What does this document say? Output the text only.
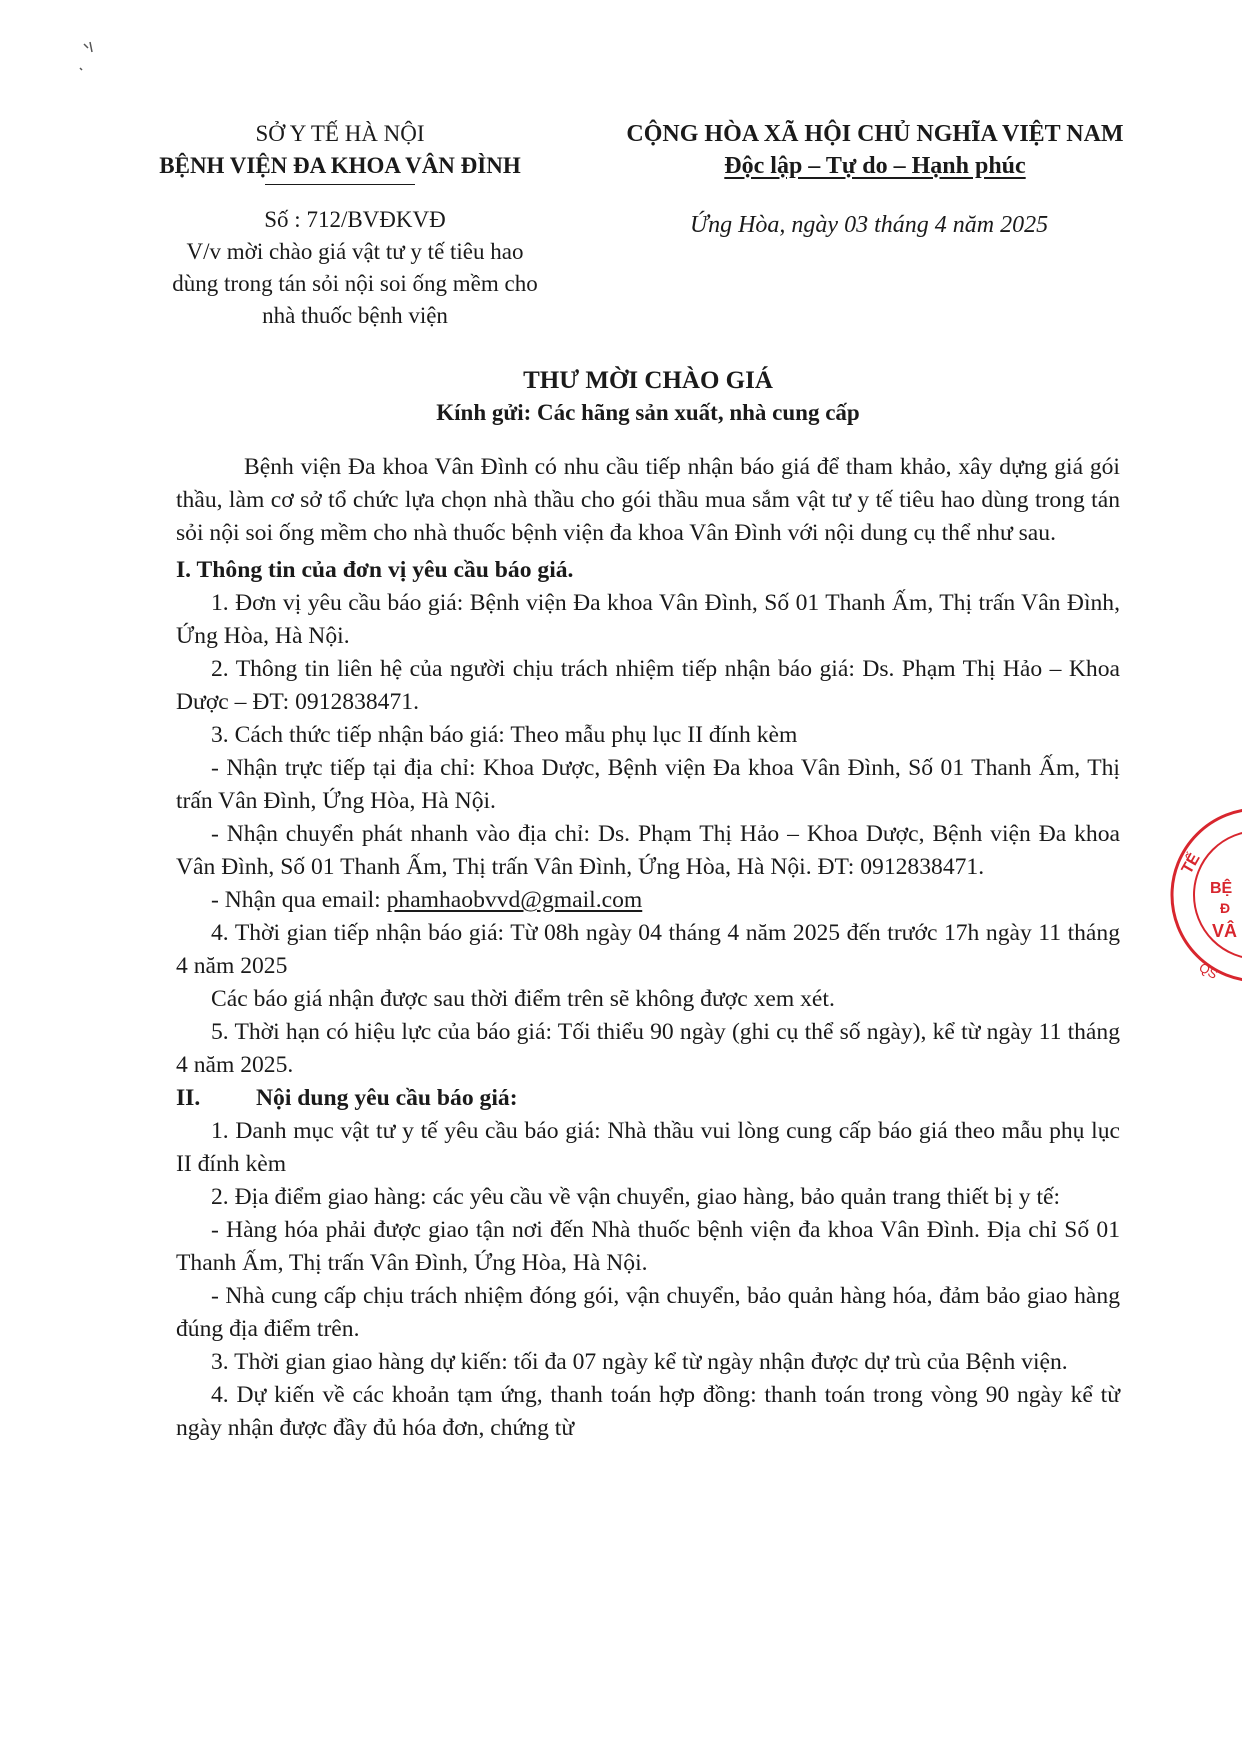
SỞ Y TẾ HÀ NỘI
BỆNH VIỆN ĐA KHOA VÂN ĐÌNH
CỘNG HÒA XÃ HỘI CHỦ NGHĨA VIỆT NAM
Độc lập – Tự do – Hạnh phúc
Số : 712/BVĐKVĐ
V/v mời chào giá vật tư y tế tiêu hao
dùng trong tán sỏi nội soi ống mềm cho
nhà thuốc bệnh viện
Ứng Hòa, ngày 03 tháng 4 năm 2025
THƯ MỜI CHÀO GIÁ
Kính gửi: Các hãng sản xuất, nhà cung cấp

Bệnh viện Đa khoa Vân Đình có nhu cầu tiếp nhận báo giá để tham khảo, xây dựng giá gói thầu, làm cơ sở tổ chức lựa chọn nhà thầu cho gói thầu mua sắm vật tư y tế tiêu hao dùng trong tán sỏi nội soi ống mềm cho nhà thuốc bệnh viện đa khoa Vân Đình với nội dung cụ thể như sau.

I. Thông tin của đơn vị yêu cầu báo giá.

1. Đơn vị yêu cầu báo giá: Bệnh viện Đa khoa Vân Đình, Số 01 Thanh Ấm, Thị trấn Vân Đình, Ứng Hòa, Hà Nội.

2. Thông tin liên hệ của người chịu trách nhiệm tiếp nhận báo giá: Ds. Phạm Thị Hảo – Khoa Dược – ĐT: 0912838471.

3. Cách thức tiếp nhận báo giá: Theo mẫu phụ lục II đính kèm

- Nhận trực tiếp tại địa chỉ: Khoa Dược, Bệnh viện Đa khoa Vân Đình, Số 01 Thanh Ấm, Thị trấn Vân Đình, Ứng Hòa, Hà Nội.

- Nhận chuyển phát nhanh vào địa chỉ: Ds. Phạm Thị Hảo – Khoa Dược, Bệnh viện Đa khoa Vân Đình, Số 01 Thanh Ấm, Thị trấn Vân Đình, Ứng Hòa, Hà Nội. ĐT: 0912838471.

- Nhận qua email: phamhaobvvd@gmail.com

4. Thời gian tiếp nhận báo giá: Từ 08h ngày 04 tháng 4 năm 2025 đến trước 17h ngày 11 tháng 4 năm 2025

Các báo giá nhận được sau thời điểm trên sẽ không được xem xét.

5. Thời hạn có hiệu lực của báo giá: Tối thiểu 90 ngày (ghi cụ thể số ngày), kể từ ngày 11 tháng 4 năm 2025.

II. Nội dung yêu cầu báo giá:

1. Danh mục vật tư y tế yêu cầu báo giá: Nhà thầu vui lòng cung cấp báo giá theo mẫu phụ lục II đính kèm

2. Địa điểm giao hàng: các yêu cầu về vận chuyển, giao hàng, bảo quản trang thiết bị y tế:

- Hàng hóa phải được giao tận nơi đến Nhà thuốc bệnh viện đa khoa Vân Đình. Địa chỉ Số 01 Thanh Ấm, Thị trấn Vân Đình, Ứng Hòa, Hà Nội.

- Nhà cung cấp chịu trách nhiệm đóng gói, vận chuyển, bảo quản hàng hóa, đảm bảo giao hàng đúng địa điểm trên.

3. Thời gian giao hàng dự kiến: tối đa 07 ngày kể từ ngày nhận được dự trù của Bệnh viện.

4. Dự kiến về các khoản tạm ứng, thanh toán hợp đồng: thanh toán trong vòng 90 ngày kể từ ngày nhận được đầy đủ hóa đơn, chứng từ

TẾ
BỆ
Đ
VÂ
QS
